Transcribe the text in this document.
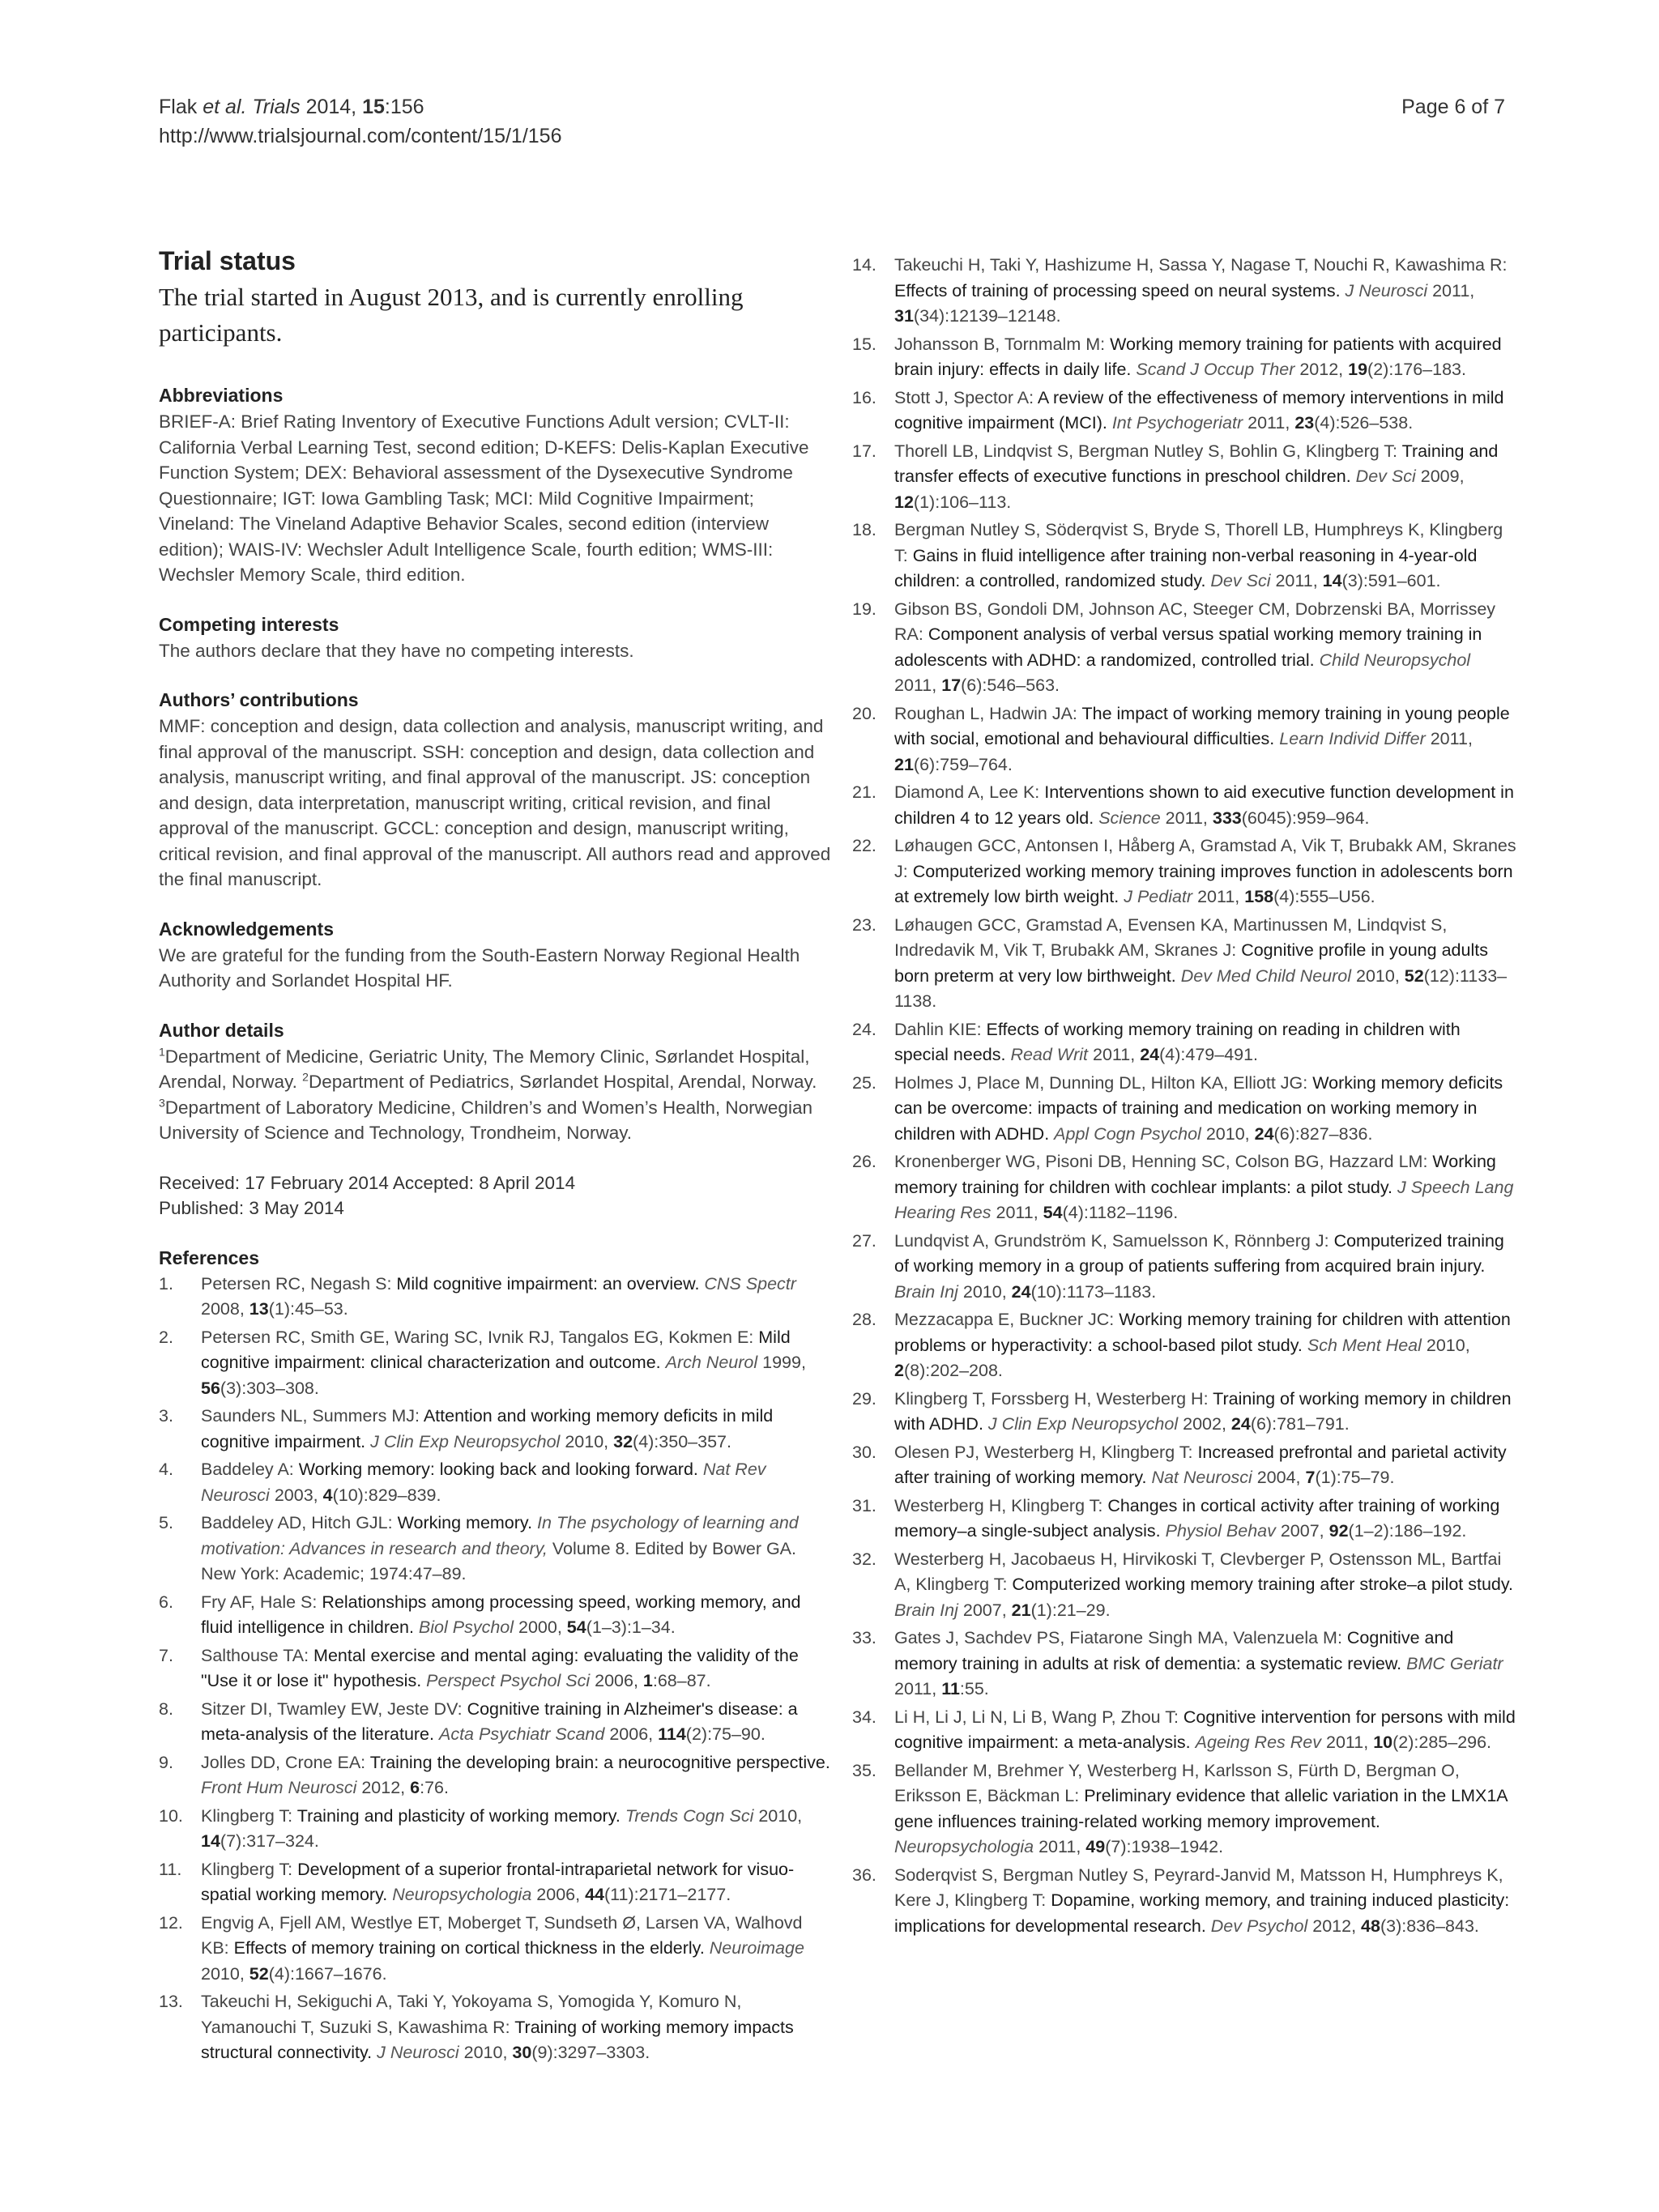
Flak et al. Trials 2014, 15:156
http://www.trialsjournal.com/content/15/1/156
Page 6 of 7
Trial status
The trial started in August 2013, and is currently enrolling participants.
Abbreviations
BRIEF-A: Brief Rating Inventory of Executive Functions Adult version; CVLT-II: California Verbal Learning Test, second edition; D-KEFS: Delis-Kaplan Executive Function System; DEX: Behavioral assessment of the Dysexecutive Syndrome Questionnaire; IGT: Iowa Gambling Task; MCI: Mild Cognitive Impairment; Vineland: The Vineland Adaptive Behavior Scales, second edition (interview edition); WAIS-IV: Wechsler Adult Intelligence Scale, fourth edition; WMS-III: Wechsler Memory Scale, third edition.
Competing interests
The authors declare that they have no competing interests.
Authors’ contributions
MMF: conception and design, data collection and analysis, manuscript writing, and final approval of the manuscript. SSH: conception and design, data collection and analysis, manuscript writing, and final approval of the manuscript. JS: conception and design, data interpretation, manuscript writing, critical revision, and final approval of the manuscript. GCCL: conception and design, manuscript writing, critical revision, and final approval of the manuscript. All authors read and approved the final manuscript.
Acknowledgements
We are grateful for the funding from the South-Eastern Norway Regional Health Authority and Sorlandet Hospital HF.
Author details
$^1$Department of Medicine, Geriatric Unity, The Memory Clinic, Sørlandet Hospital, Arendal, Norway. $^2$Department of Pediatrics, Sørlandet Hospital, Arendal, Norway. $^3$Department of Laboratory Medicine, Children’s and Women’s Health, Norwegian University of Science and Technology, Trondheim, Norway.
Received: 17 February 2014 Accepted: 8 April 2014
Published: 3 May 2014
References
1. Petersen RC, Negash S: Mild cognitive impairment: an overview. CNS Spectr 2008, 13(1):45–53.
2. Petersen RC, Smith GE, Waring SC, Ivnik RJ, Tangalos EG, Kokmen E: Mild cognitive impairment: clinical characterization and outcome. Arch Neurol 1999, 56(3):303–308.
3. Saunders NL, Summers MJ: Attention and working memory deficits in mild cognitive impairment. J Clin Exp Neuropsychol 2010, 32(4):350–357.
4. Baddeley A: Working memory: looking back and looking forward. Nat Rev Neurosci 2003, 4(10):829–839.
5. Baddeley AD, Hitch GJL: Working memory. In The psychology of learning and motivation: Advances in research and theory, Volume 8. Edited by Bower GA. New York: Academic; 1974:47–89.
6. Fry AF, Hale S: Relationships among processing speed, working memory, and fluid intelligence in children. Biol Psychol 2000, 54(1–3):1–34.
7. Salthouse TA: Mental exercise and mental aging: evaluating the validity of the "Use it or lose it" hypothesis. Perspect Psychol Sci 2006, 1:68–87.
8. Sitzer DI, Twamley EW, Jeste DV: Cognitive training in Alzheimer's disease: a meta-analysis of the literature. Acta Psychiatr Scand 2006, 114(2):75–90.
9. Jolles DD, Crone EA: Training the developing brain: a neurocognitive perspective. Front Hum Neurosci 2012, 6:76.
10. Klingberg T: Training and plasticity of working memory. Trends Cogn Sci 2010, 14(7):317–324.
11. Klingberg T: Development of a superior frontal-intraparietal network for visuo-spatial working memory. Neuropsychologia 2006, 44(11):2171–2177.
12. Engvig A, Fjell AM, Westlye ET, Moberget T, Sundseth Ø, Larsen VA, Walhovd KB: Effects of memory training on cortical thickness in the elderly. Neuroimage 2010, 52(4):1667–1676.
13. Takeuchi H, Sekiguchi A, Taki Y, Yokoyama S, Yomogida Y, Komuro N, Yamanouchi T, Suzuki S, Kawashima R: Training of working memory impacts structural connectivity. J Neurosci 2010, 30(9):3297–3303.
14. Takeuchi H, Taki Y, Hashizume H, Sassa Y, Nagase T, Nouchi R, Kawashima R: Effects of training of processing speed on neural systems. J Neurosci 2011, 31(34):12139–12148.
15. Johansson B, Tornmalm M: Working memory training for patients with acquired brain injury: effects in daily life. Scand J Occup Ther 2012, 19(2):176–183.
16. Stott J, Spector A: A review of the effectiveness of memory interventions in mild cognitive impairment (MCI). Int Psychogeriatr 2011, 23(4):526–538.
17. Thorell LB, Lindqvist S, Bergman Nutley S, Bohlin G, Klingberg T: Training and transfer effects of executive functions in preschool children. Dev Sci 2009, 12(1):106–113.
18. Bergman Nutley S, Söderqvist S, Bryde S, Thorell LB, Humphreys K, Klingberg T: Gains in fluid intelligence after training non-verbal reasoning in 4-year-old children: a controlled, randomized study. Dev Sci 2011, 14(3):591–601.
19. Gibson BS, Gondoli DM, Johnson AC, Steeger CM, Dobrzenski BA, Morrissey RA: Component analysis of verbal versus spatial working memory training in adolescents with ADHD: a randomized, controlled trial. Child Neuropsychol 2011, 17(6):546–563.
20. Roughan L, Hadwin JA: The impact of working memory training in young people with social, emotional and behavioural difficulties. Learn Individ Differ 2011, 21(6):759–764.
21. Diamond A, Lee K: Interventions shown to aid executive function development in children 4 to 12 years old. Science 2011, 333(6045):959–964.
22. Løhaugen GCC, Antonsen I, Håberg A, Gramstad A, Vik T, Brubakk AM, Skranes J: Computerized working memory training improves function in adolescents born at extremely low birth weight. J Pediatr 2011, 158(4):555–U56.
23. Løhaugen GCC, Gramstad A, Evensen KA, Martinussen M, Lindqvist S, Indredavik M, Vik T, Brubakk AM, Skranes J: Cognitive profile in young adults born preterm at very low birthweight. Dev Med Child Neurol 2010, 52(12):1133–1138.
24. Dahlin KIE: Effects of working memory training on reading in children with special needs. Read Writ 2011, 24(4):479–491.
25. Holmes J, Place M, Dunning DL, Hilton KA, Elliott JG: Working memory deficits can be overcome: impacts of training and medication on working memory in children with ADHD. Appl Cogn Psychol 2010, 24(6):827–836.
26. Kronenberger WG, Pisoni DB, Henning SC, Colson BG, Hazzard LM: Working memory training for children with cochlear implants: a pilot study. J Speech Lang Hearing Res 2011, 54(4):1182–1196.
27. Lundqvist A, Grundström K, Samuelsson K, Rönnberg J: Computerized training of working memory in a group of patients suffering from acquired brain injury. Brain Inj 2010, 24(10):1173–1183.
28. Mezzacappa E, Buckner JC: Working memory training for children with attention problems or hyperactivity: a school-based pilot study. Sch Ment Heal 2010, 2(8):202–208.
29. Klingberg T, Forssberg H, Westerberg H: Training of working memory in children with ADHD. J Clin Exp Neuropsychol 2002, 24(6):781–791.
30. Olesen PJ, Westerberg H, Klingberg T: Increased prefrontal and parietal activity after training of working memory. Nat Neurosci 2004, 7(1):75–79.
31. Westerberg H, Klingberg T: Changes in cortical activity after training of working memory–a single-subject analysis. Physiol Behav 2007, 92(1–2):186–192.
32. Westerberg H, Jacobaeus H, Hirvikoski T, Clevberger P, Ostensson ML, Bartfai A, Klingberg T: Computerized working memory training after stroke–a pilot study. Brain Inj 2007, 21(1):21–29.
33. Gates J, Sachdev PS, Fiatarone Singh MA, Valenzuela M: Cognitive and memory training in adults at risk of dementia: a systematic review. BMC Geriatr 2011, 11:55.
34. Li H, Li J, Li N, Li B, Wang P, Zhou T: Cognitive intervention for persons with mild cognitive impairment: a meta-analysis. Ageing Res Rev 2011, 10(2):285–296.
35. Bellander M, Brehmer Y, Westerberg H, Karlsson S, Fürth D, Bergman O, Eriksson E, Bäckman L: Preliminary evidence that allelic variation in the LMX1A gene influences training-related working memory improvement. Neuropsychologia 2011, 49(7):1938–1942.
36. Soderqvist S, Bergman Nutley S, Peyrard-Janvid M, Matsson H, Humphreys K, Kere J, Klingberg T: Dopamine, working memory, and training induced plasticity: implications for developmental research. Dev Psychol 2012, 48(3):836–843.
